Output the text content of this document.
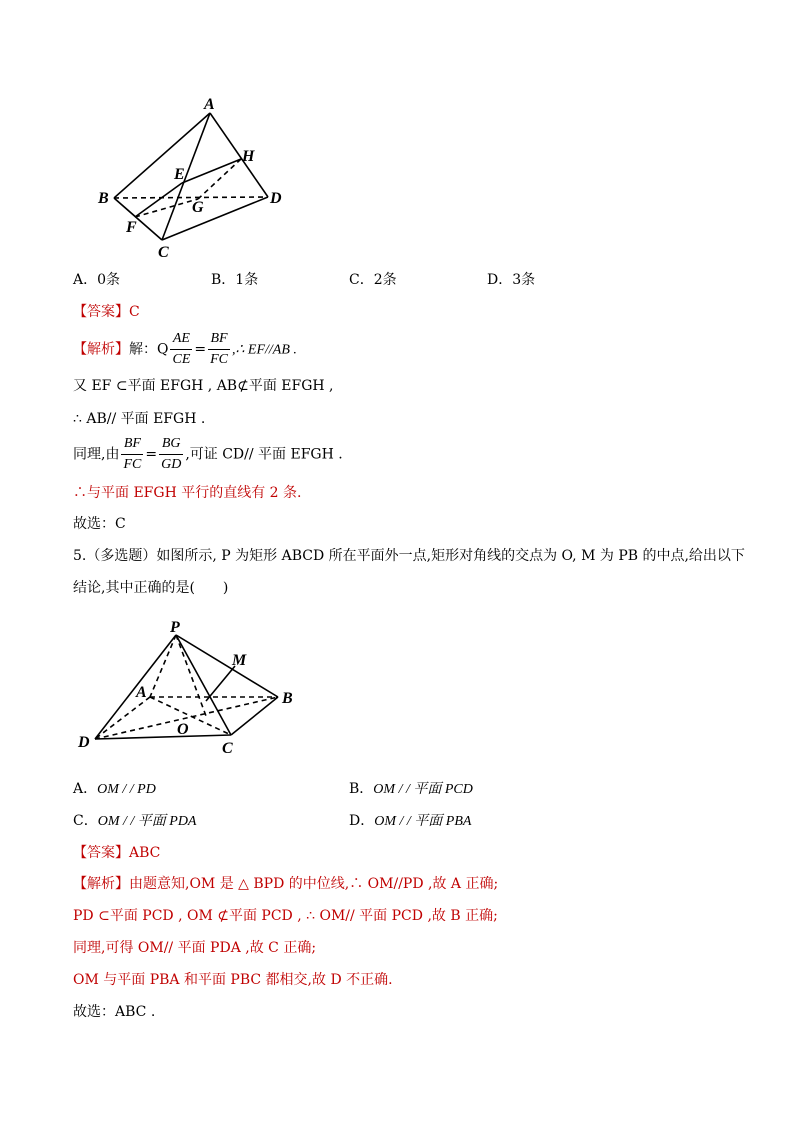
A
B
C
D
E
F
G
H
A．0条	B．1条	C．2条	D．3条
【答案】C
【解析】解：Q $\frac{AE}{CE} = \frac{BF}{FC}$ ,∴ EF//AB .
又 EF ⊂平面 EFGH , AB⊄平面 EFGH ,
∴ AB// 平面 EFGH .
同理,由 $\frac{BF}{FC} = \frac{BG}{GD}$ ,可证 CD// 平面 EFGH .
∴与平面 EFGH 平行的直线有 2 条.
故选：C
5.（多选题）如图所示, P 为矩形 ABCD 所在平面外一点,矩形对角线的交点为 O, M 为 PB 的中点,给出以下
结论,其中正确的是(　　)
P
M
A	B
O
D	C
A．OM / / PD	B．OM / / 平面 PCD
C．OM / / 平面 PDA	D．OM / / 平面 PBA
【答案】ABC
【解析】由题意知,OM 是 △ BPD 的中位线,∴ OM//PD ,故 A 正确;
PD ⊂平面 PCD , OM ⊄平面 PCD , ∴ OM// 平面 PCD ,故 B 正确;
同理,可得 OM// 平面 PDA ,故 C 正确;
OM 与平面 PBA 和平面 PBC 都相交,故 D 不正确.
故选：ABC .
